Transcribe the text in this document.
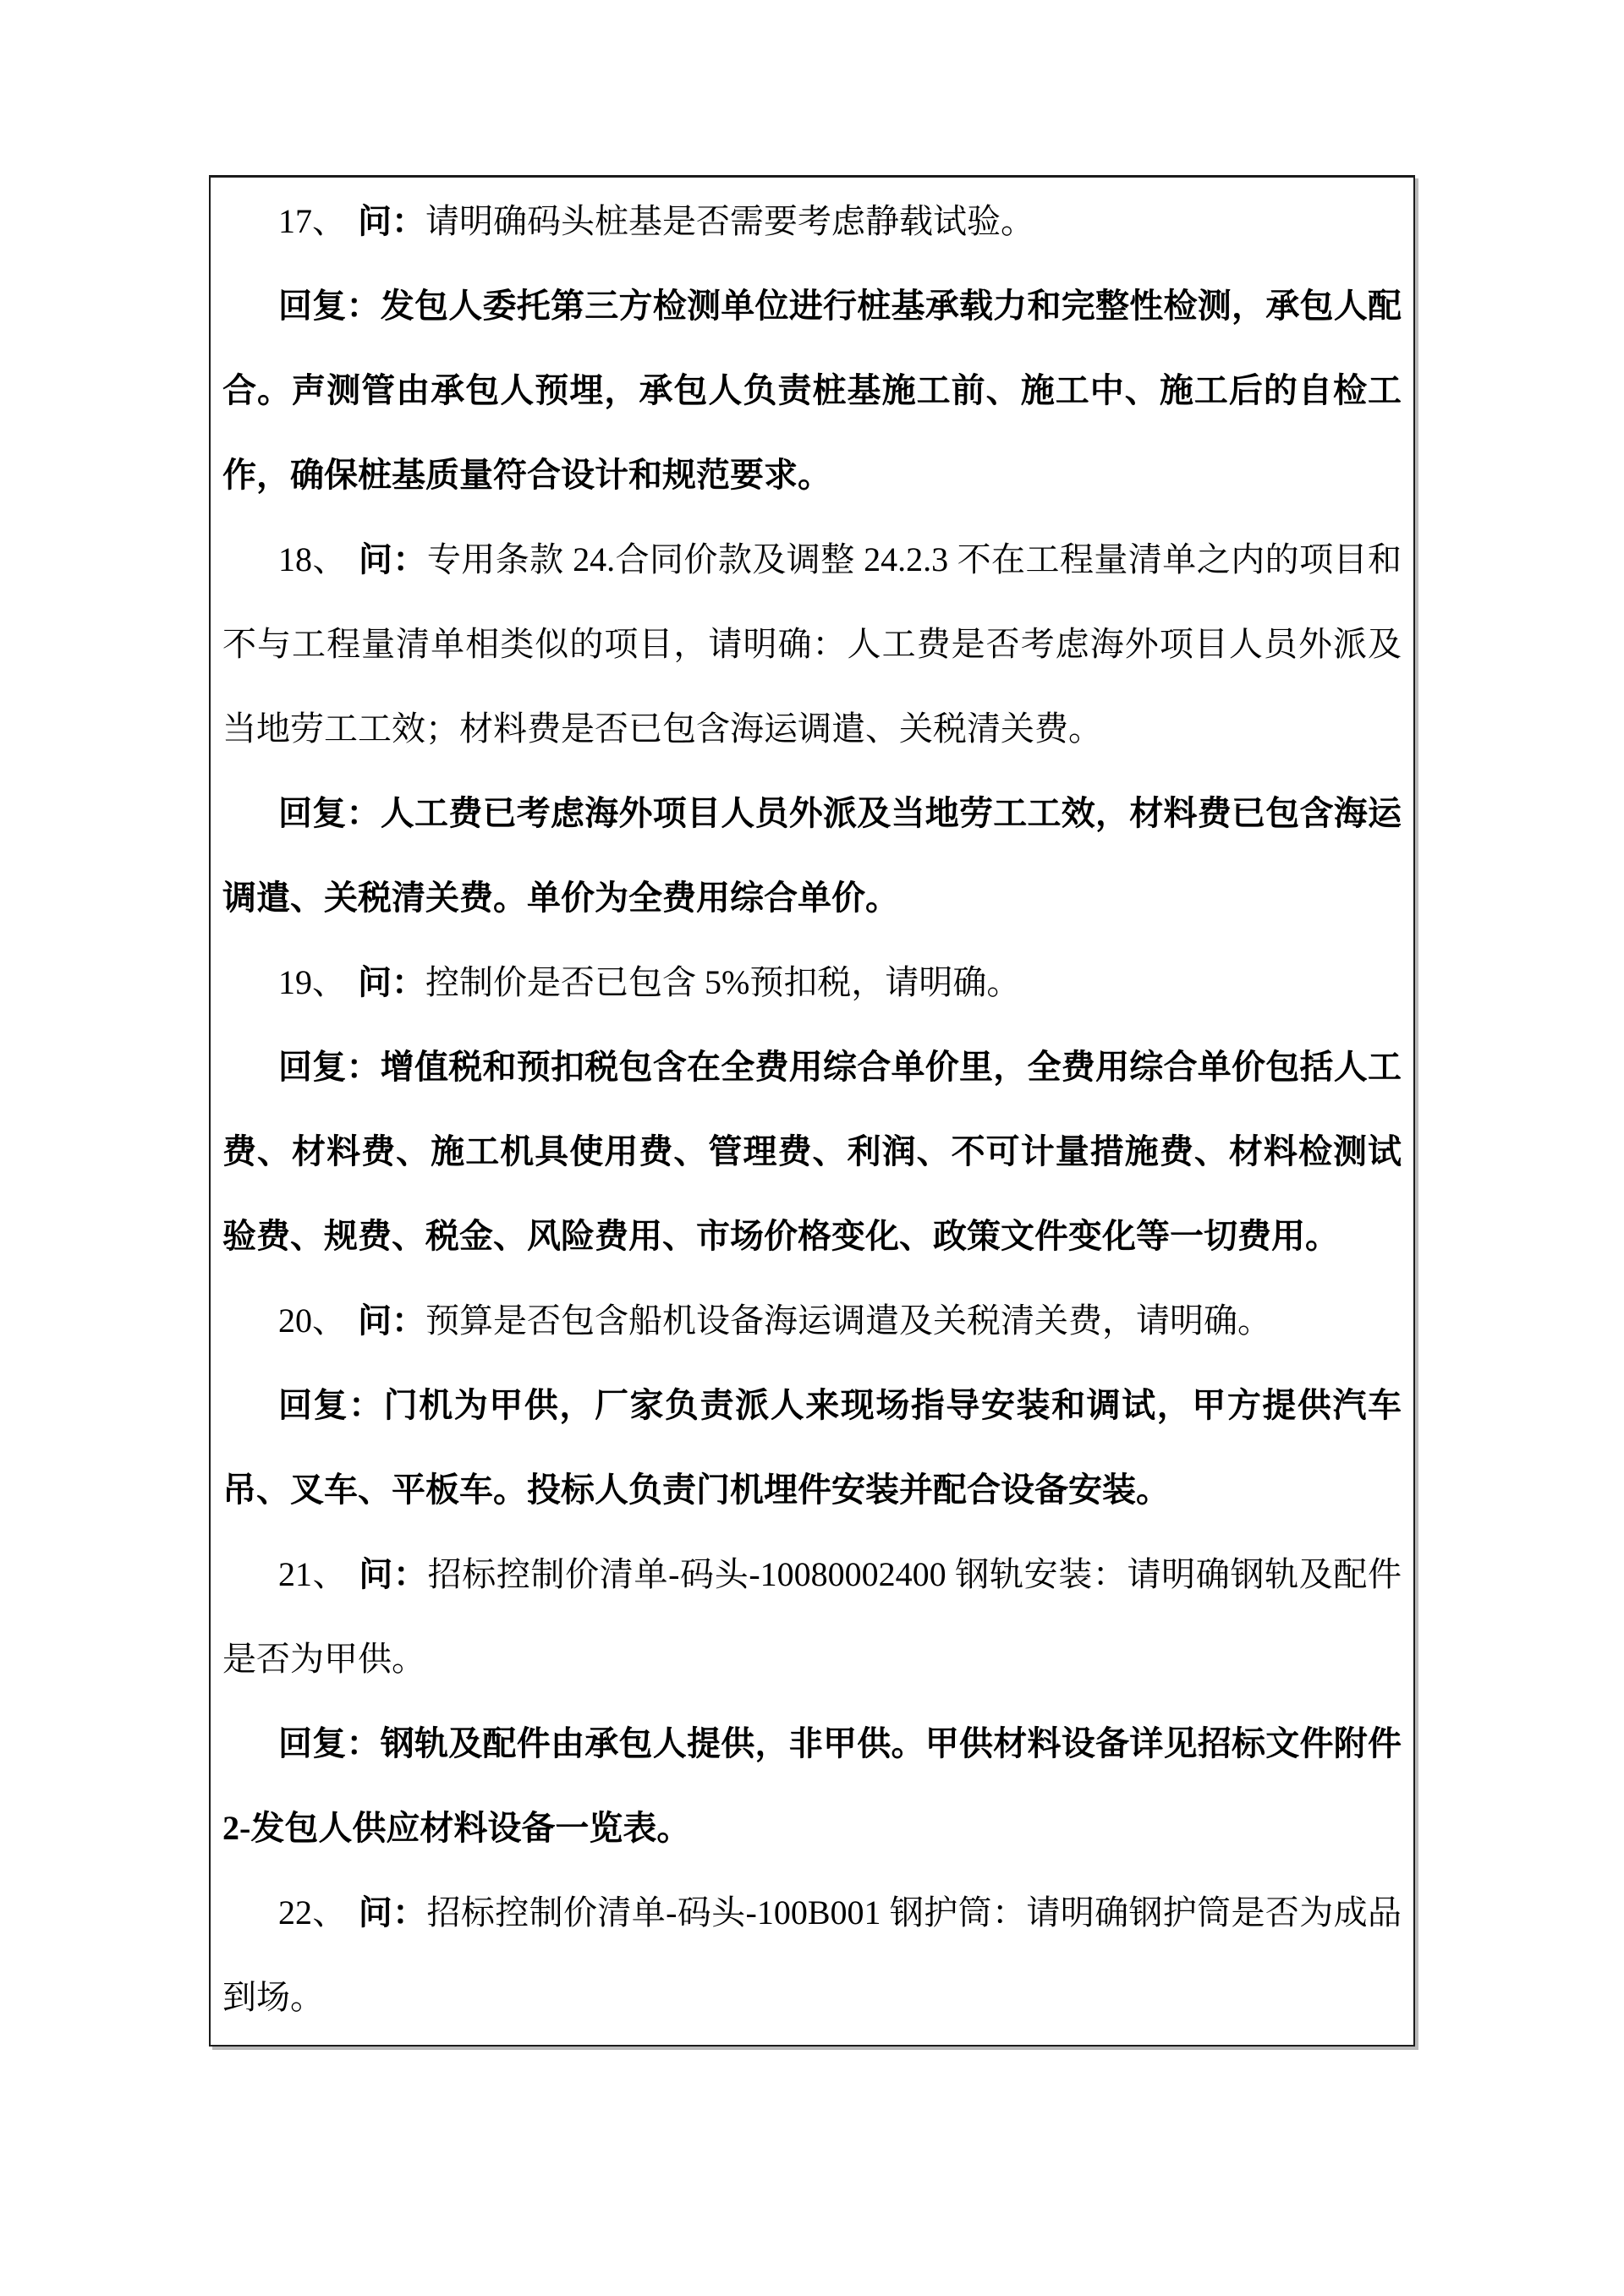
17、 问：请明确码头桩基是否需要考虑静载试验。

回复：发包人委托第三方检测单位进行桩基承载力和完整性检测，承包人配合。声测管由承包人预埋，承包人负责桩基施工前、施工中、施工后的自检工作，确保桩基质量符合设计和规范要求。

18、 问：专用条款 24.合同价款及调整 24.2.3 不在工程量清单之内的项目和不与工程量清单相类似的项目，请明确：人工费是否考虑海外项目人员外派及当地劳工工效；材料费是否已包含海运调遣、关税清关费。

回复：人工费已考虑海外项目人员外派及当地劳工工效，材料费已包含海运调遣、关税清关费。单价为全费用综合单价。

19、 问：控制价是否已包含 5%预扣税，请明确。

回复：增值税和预扣税包含在全费用综合单价里，全费用综合单价包括人工费、材料费、施工机具使用费、管理费、利润、不可计量措施费、材料检测试验费、规费、税金、风险费用、市场价格变化、政策文件变化等一切费用。

20、 问：预算是否包含船机设备海运调遣及关税清关费，请明确。

回复：门机为甲供，厂家负责派人来现场指导安装和调试，甲方提供汽车吊、叉车、平板车。投标人负责门机埋件安装并配合设备安装。

21、 问：招标控制价清单-码头-10080002400 钢轨安装：请明确钢轨及配件是否为甲供。

回复：钢轨及配件由承包人提供，非甲供。甲供材料设备详见招标文件附件 2-发包人供应材料设备一览表。

22、 问：招标控制价清单-码头-100B001 钢护筒：请明确钢护筒是否为成品到场。
